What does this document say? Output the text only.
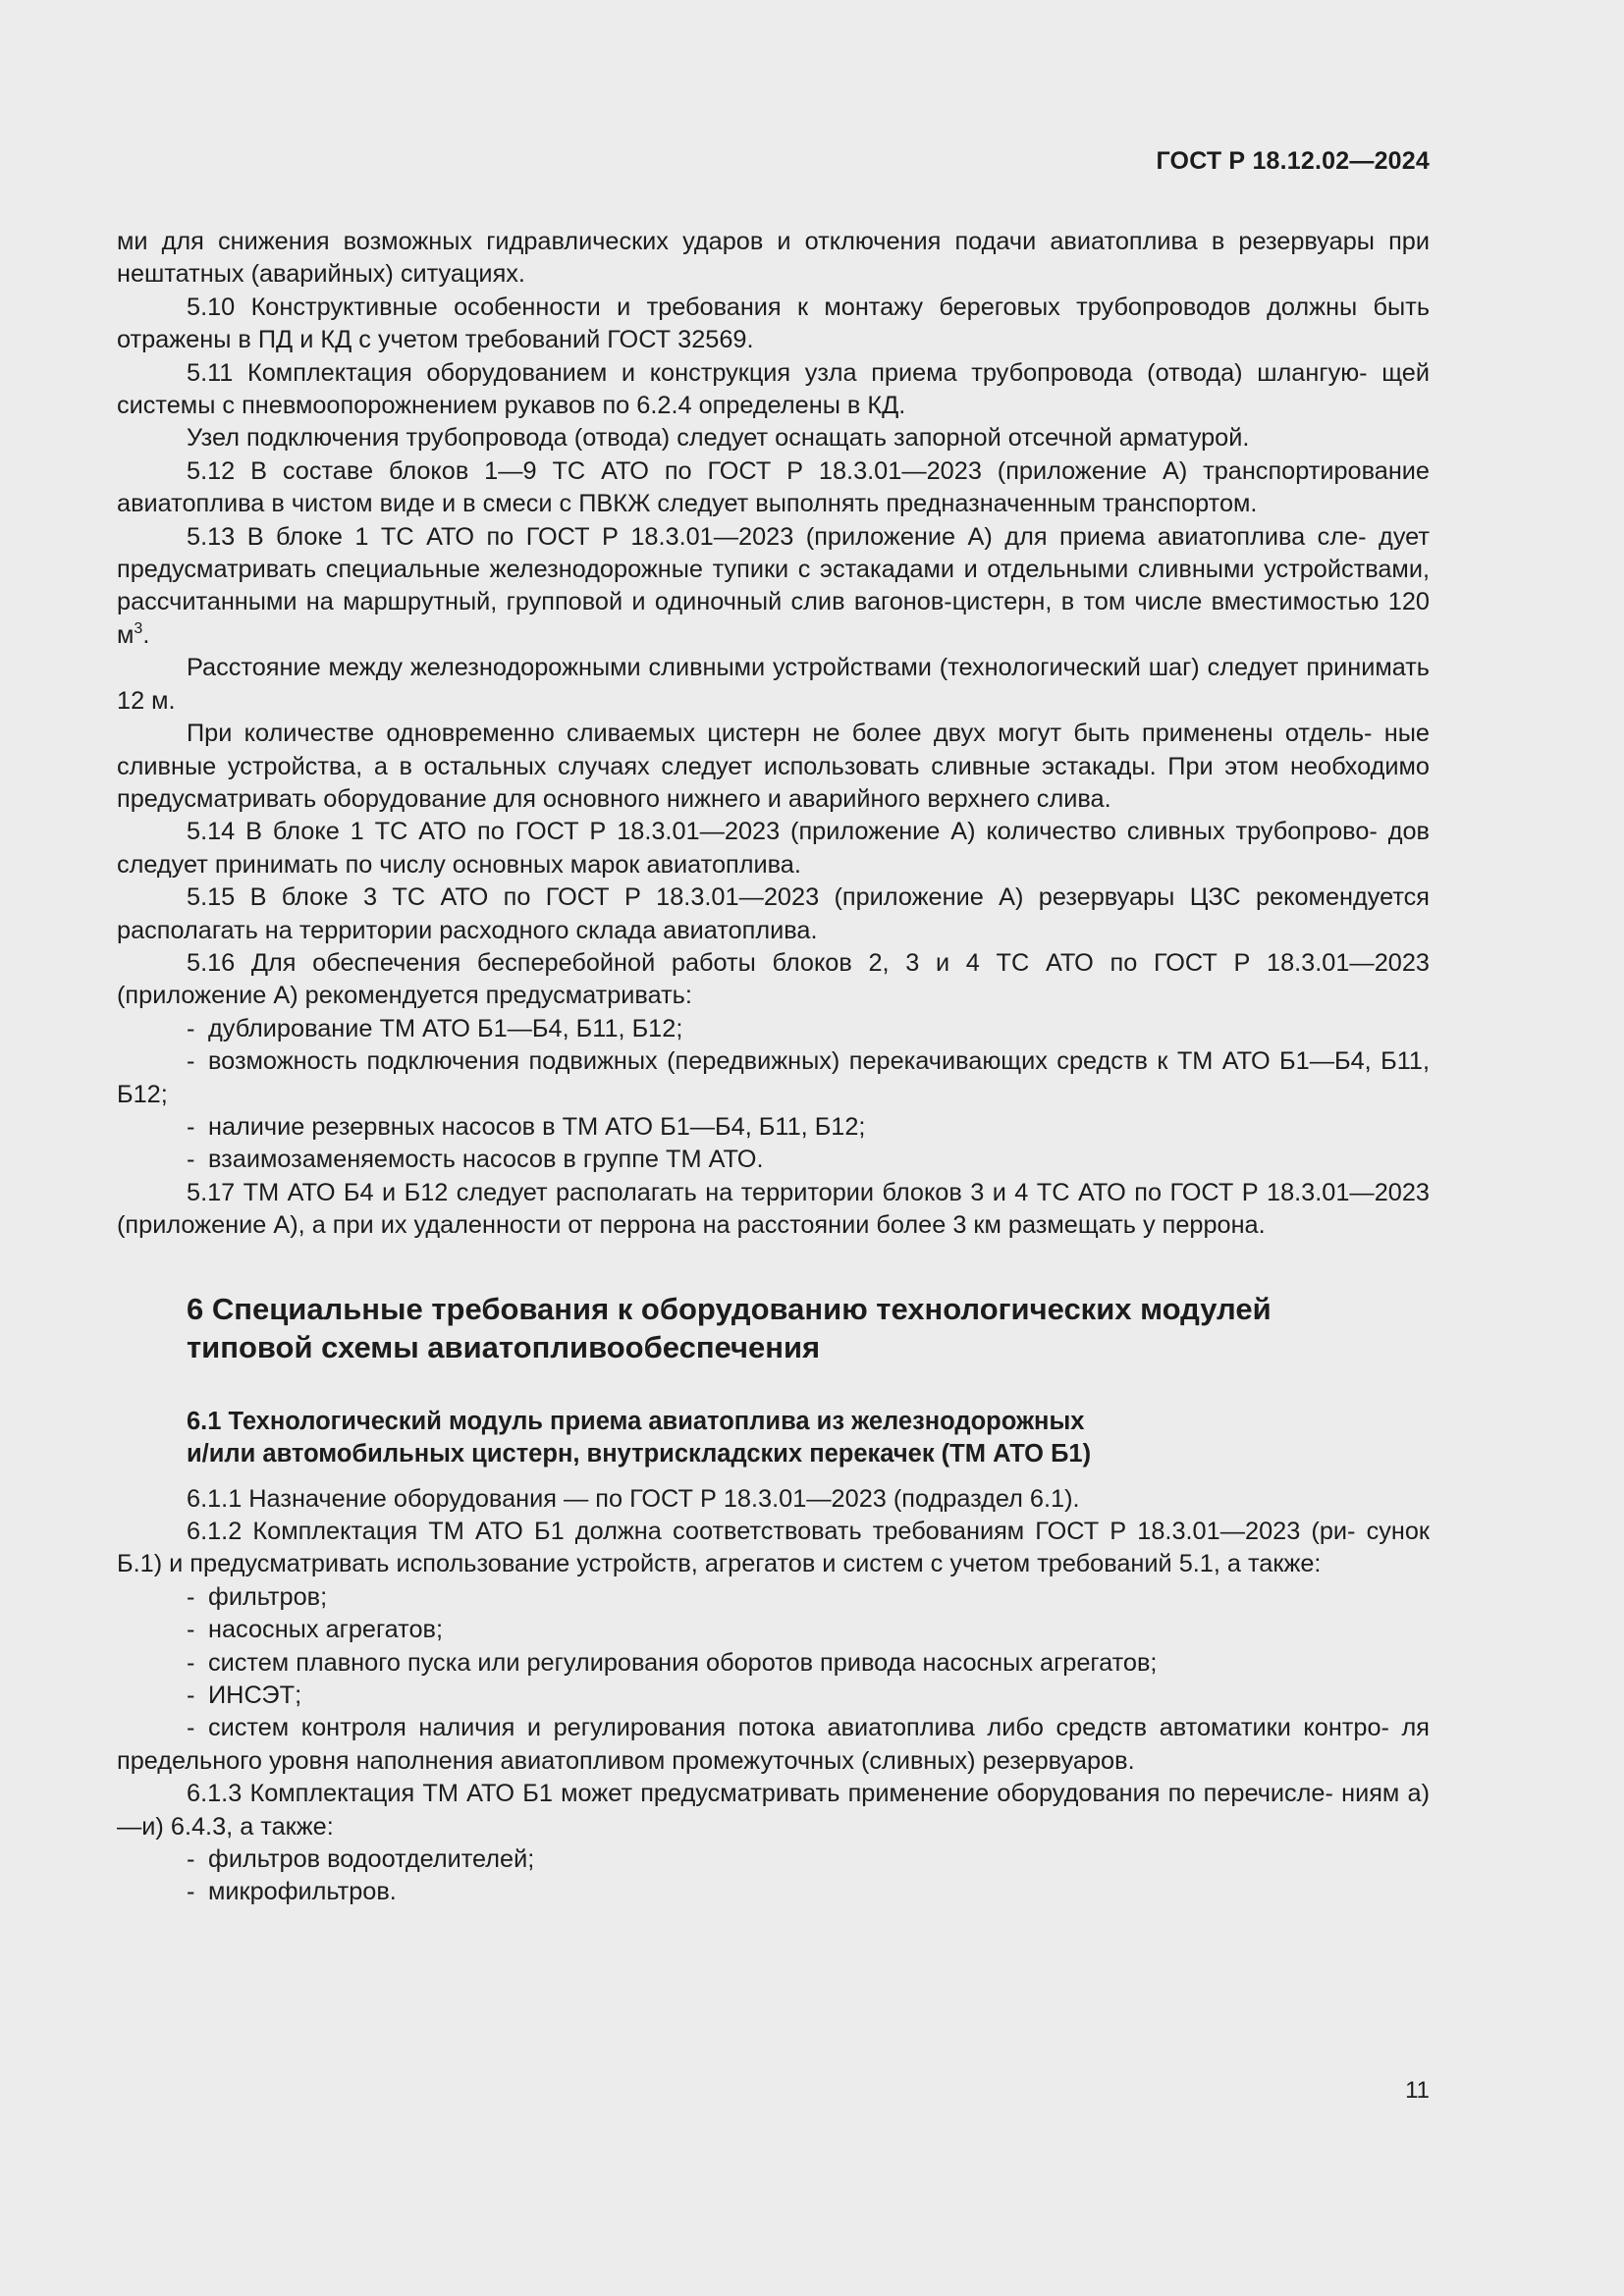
ГОСТ Р 18.12.02—2024

ми для снижения возможных гидравлических ударов и отключения подачи авиатоплива в резервуары при нештатных (аварийных) ситуациях.

5.10 Конструктивные особенности и требования к монтажу береговых трубопроводов должны быть отражены в ПД и КД с учетом требований ГОСТ 32569.

5.11 Комплектация оборудованием и конструкция узла приема трубопровода (отвода) шлангую- щей системы с пневмоопорожнением рукавов по 6.2.4 определены в КД.

Узел подключения трубопровода (отвода) следует оснащать запорной отсечной арматурой.

5.12 В составе блоков 1—9 ТС АТО по ГОСТ Р 18.3.01—2023 (приложение А) транспортирование авиатоплива в чистом виде и в смеси с ПВКЖ следует выполнять предназначенным транспортом.

5.13 В блоке 1 ТС АТО по ГОСТ Р 18.3.01—2023 (приложение А) для приема авиатоплива сле- дует предусматривать специальные железнодорожные тупики с эстакадами и отдельными сливными устройствами, рассчитанными на маршрутный, групповой и одиночный слив вагонов-цистерн, в том числе вместимостью 120 $м^3$.

Расстояние между железнодорожными сливными устройствами (технологический шаг) следует принимать 12 м.

При количестве одновременно сливаемых цистерн не более двух могут быть применены отдель- ные сливные устройства, а в остальных случаях следует использовать сливные эстакады. При этом необходимо предусматривать оборудование для основного нижнего и аварийного верхнего слива.

5.14 В блоке 1 ТС АТО по ГОСТ Р 18.3.01—2023 (приложение А) количество сливных трубопрово- дов следует принимать по числу основных марок авиатоплива.

5.15 В блоке 3 ТС АТО по ГОСТ Р 18.3.01—2023 (приложение А) резервуары ЦЗС рекомендуется располагать на территории расходного склада авиатоплива.

5.16 Для обеспечения бесперебойной работы блоков 2, 3 и 4 ТС АТО по ГОСТ Р 18.3.01—2023 (приложение А) рекомендуется предусматривать:

- дублирование ТМ АТО Б1—Б4, Б11, Б12;

- возможность подключения подвижных (передвижных) перекачивающих средств к ТМ АТО Б1—Б4, Б11, Б12;

- наличие резервных насосов в ТМ АТО Б1—Б4, Б11, Б12;

- взаимозаменяемость насосов в группе ТМ АТО.

5.17 ТМ АТО Б4 и Б12 следует располагать на территории блоков 3 и 4 ТС АТО по ГОСТ Р 18.3.01—2023 (приложение А), а при их удаленности от перрона на расстоянии более 3 км размещать у перрона.

6 Специальные требования к оборудованию технологических модулей
типовой схемы авиатопливообеспечения
6.1 Технологический модуль приема авиатоплива из железнодорожных
и/или автомобильных цистерн, внутрискладских перекачек (ТМ АТО Б1)

6.1.1 Назначение оборудования — по ГОСТ Р 18.3.01—2023 (подраздел 6.1).

6.1.2 Комплектация ТМ АТО Б1 должна соответствовать требованиям ГОСТ Р 18.3.01—2023 (ри- сунок Б.1) и предусматривать использование устройств, агрегатов и систем с учетом требований 5.1, а также:

- фильтров;

- насосных агрегатов;

- систем плавного пуска или регулирования оборотов привода насосных агрегатов;

- ИНСЭТ;

- систем контроля наличия и регулирования потока авиатоплива либо средств автоматики контро- ля предельного уровня наполнения авиатопливом промежуточных (сливных) резервуаров.

6.1.3 Комплектация ТМ АТО Б1 может предусматривать применение оборудования по перечисле- ниям а)—и) 6.4.3, а также:

- фильтров водоотделителей;

- микрофильтров.

11
